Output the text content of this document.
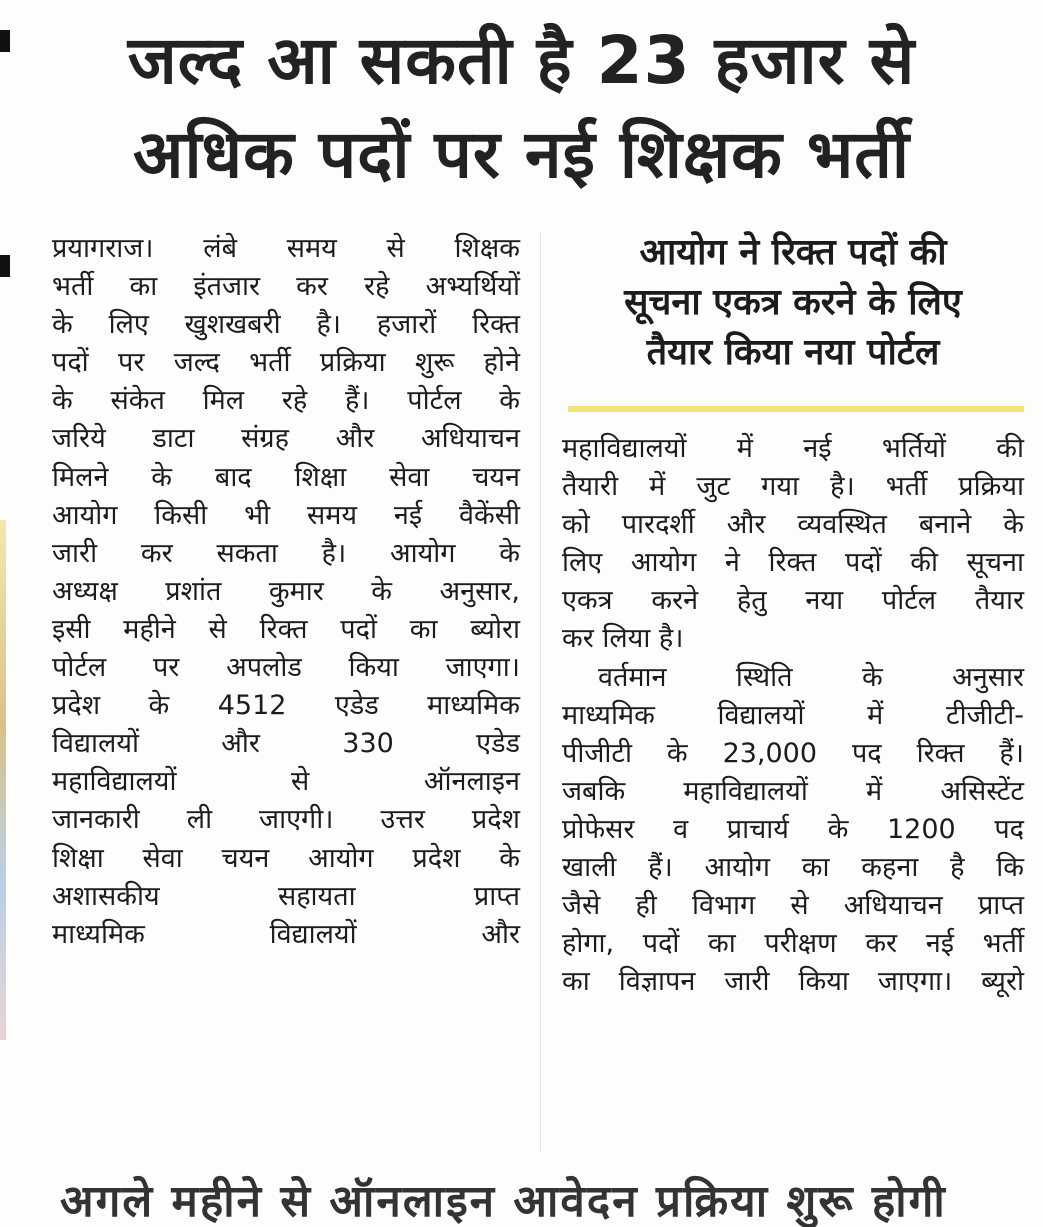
जल्द आ सकती है 23 हजार से
अधिक पदों पर नई शिक्षक भर्ती
प्रयागराज। लंबे समय से शिक्षक
भर्ती का इंतजार कर रहे अभ्यर्थियों
के लिए खुशखबरी है। हजारों रिक्त
पदों पर जल्द भर्ती प्रक्रिया शुरू होने
के संकेत मिल रहे हैं। पोर्टल के
जरिये डाटा संग्रह और अधियाचन
मिलने के बाद शिक्षा सेवा चयन
आयोग किसी भी समय नई वैकेंसी
जारी कर सकता है। आयोग के
अध्यक्ष प्रशांत कुमार के अनुसार,
इसी महीने से रिक्त पदों का ब्योरा
पोर्टल पर अपलोड किया जाएगा।
प्रदेश के 4512 एडेड माध्यमिक
विद्यालयों और 330 एडेड
महाविद्यालयों से ऑनलाइन
जानकारी ली जाएगी। उत्तर प्रदेश
शिक्षा सेवा चयन आयोग प्रदेश के
अशासकीय सहायता प्राप्त
माध्यमिक विद्यालयों और
आयोग ने रिक्त पदों की
सूचना एकत्र करने के लिए
तैयार किया नया पोर्टल
महाविद्यालयों में नई भर्तियों की
तैयारी में जुट गया है। भर्ती प्रक्रिया
को पारदर्शी और व्यवस्थित बनाने के
लिए आयोग ने रिक्त पदों की सूचना
एकत्र करने हेतु नया पोर्टल तैयार
कर लिया है।
वर्तमान स्थिति के अनुसार
माध्यमिक विद्यालयों में टीजीटी-
पीजीटी के 23,000 पद रिक्त हैं।
जबकि महाविद्यालयों में असिस्टेंट
प्रोफेसर व प्राचार्य के 1200 पद
खाली हैं। आयोग का कहना है कि
जैसे ही विभाग से अधियाचन प्राप्त
होगा, पदों का परीक्षण कर नई भर्ती
का विज्ञापन जारी किया जाएगा। ब्यूरो
अगले महीने से ऑनलाइन आवेदन प्रक्रिया शुरू होगी
